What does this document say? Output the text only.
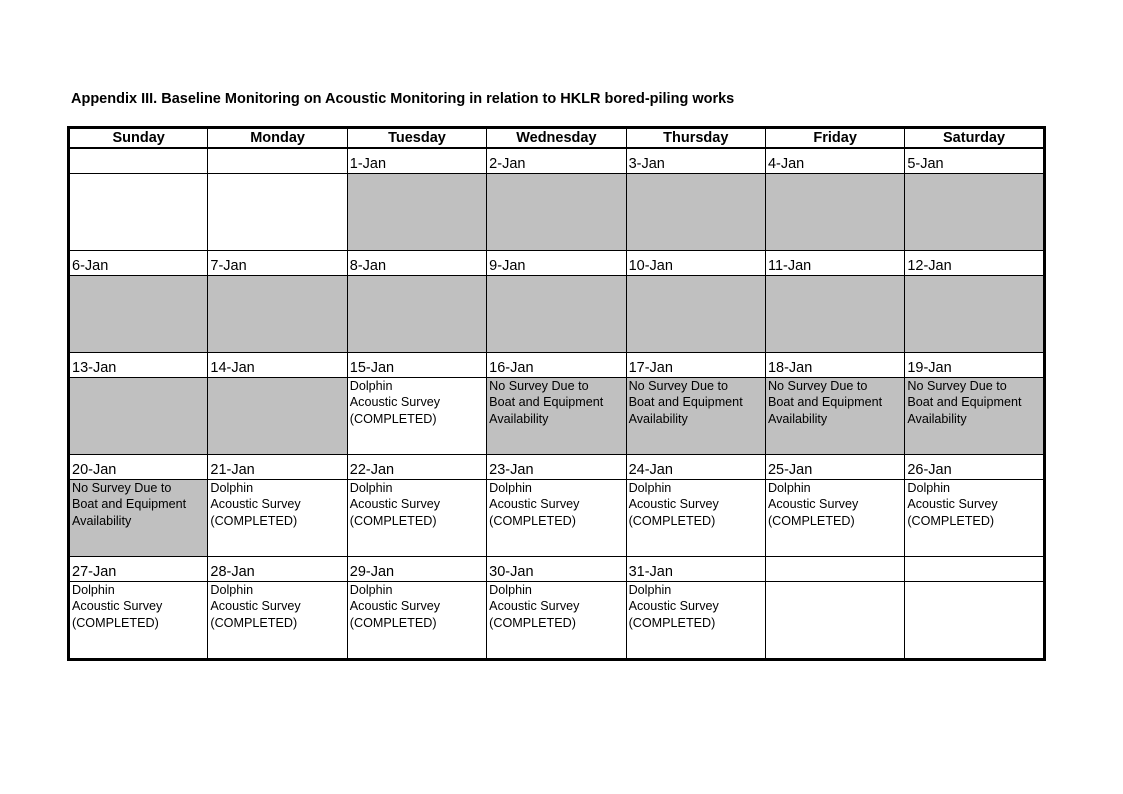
Appendix III. Baseline Monitoring on Acoustic Monitoring in relation to HKLR bored-piling works
Sunday	Monday	Tuesday	Wednesday	Thursday	Friday	Saturday
		1-Jan	2-Jan	3-Jan	4-Jan	5-Jan

6-Jan	7-Jan	8-Jan	9-Jan	10-Jan	11-Jan	12-Jan

13-Jan	14-Jan	15-Jan	16-Jan	17-Jan	18-Jan	19-Jan

		Dolphin
Acoustic Survey
(COMPLETED)	No Survey Due to
Boat and Equipment
Availability	No Survey Due to
Boat and Equipment
Availability	No Survey Due to
Boat and Equipment
Availability	No Survey Due to
Boat and Equipment
Availability

20-Jan	21-Jan	22-Jan	23-Jan	24-Jan	25-Jan	26-Jan

No Survey Due to
Boat and Equipment
Availability	Dolphin
Acoustic Survey
(COMPLETED)	Dolphin
Acoustic Survey
(COMPLETED)	Dolphin
Acoustic Survey
(COMPLETED)	Dolphin
Acoustic Survey
(COMPLETED)	Dolphin
Acoustic Survey
(COMPLETED)	Dolphin
Acoustic Survey
(COMPLETED)

27-Jan	28-Jan	29-Jan	30-Jan	31-Jan		

Dolphin
Acoustic Survey
(COMPLETED)	Dolphin
Acoustic Survey
(COMPLETED)	Dolphin
Acoustic Survey
(COMPLETED)	Dolphin
Acoustic Survey
(COMPLETED)	Dolphin
Acoustic Survey
(COMPLETED)		
